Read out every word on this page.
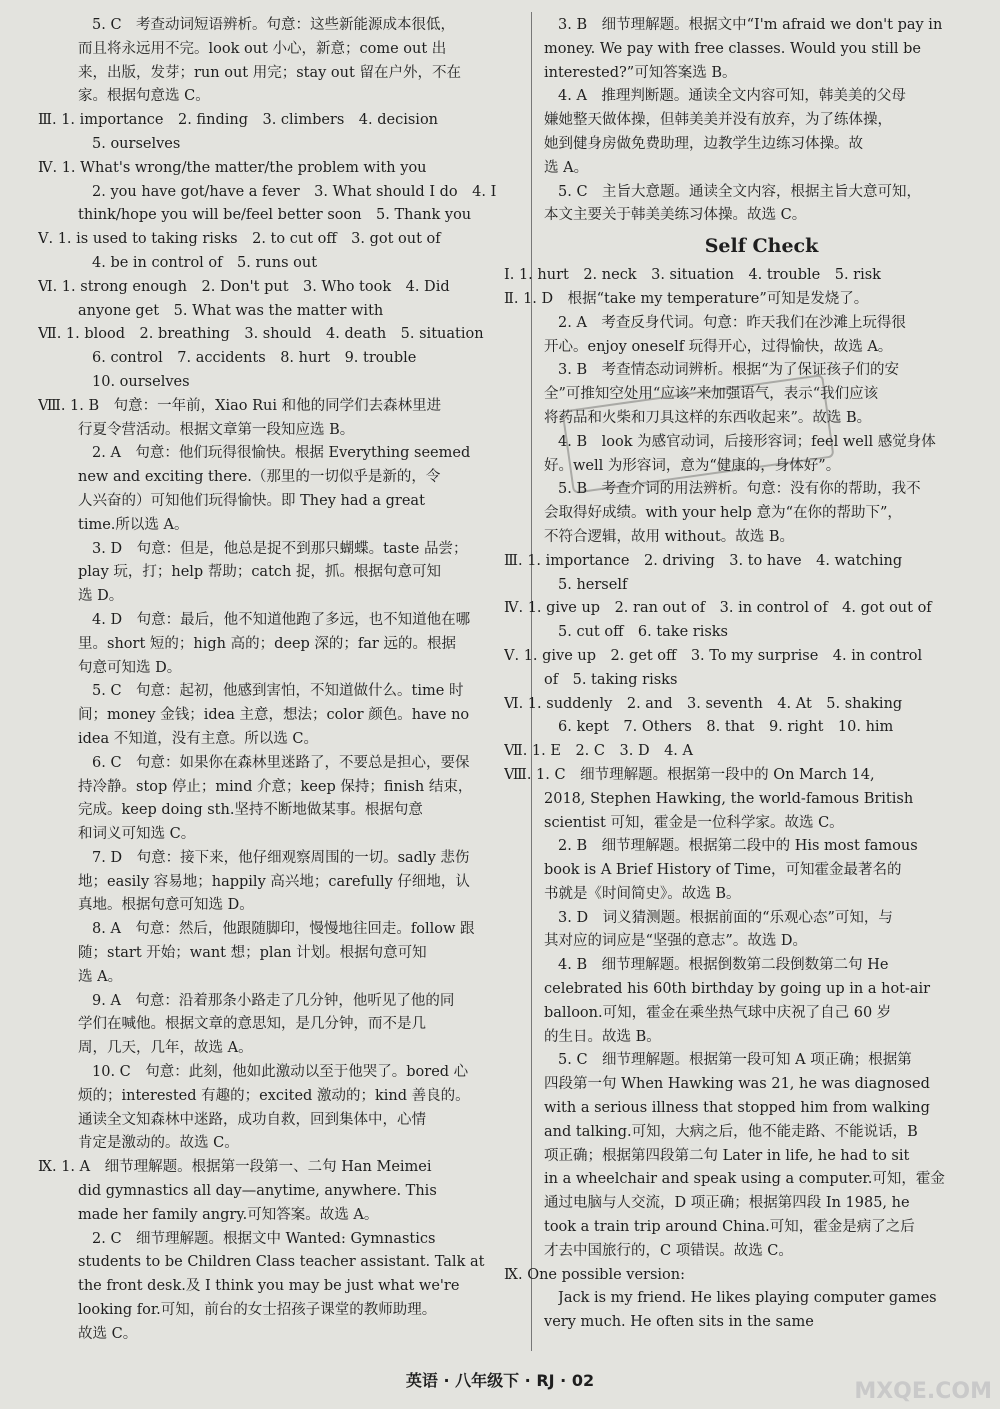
5. C　考查动词短语辨析。句意：这些新能源成本很低，
而且将永远用不完。look out 小心，新意；come out 出
来，出版，发芽；run out 用完；stay out 留在户外，不在
家。根据句意选 C。
Ⅲ. 1. importance　2. finding　3. climbers　4. decision
5. ourselves
Ⅳ. 1. What's wrong/the matter/the problem with you
2. you have got/have a fever　3. What should I do　4. I
think/hope you will be/feel better soon　5. Thank you
Ⅴ. 1. is used to taking risks　2. to cut off　3. got out of
4. be in control of　5. runs out
Ⅵ. 1. strong enough　2. Don't put　3. Who took　4. Did
anyone get　5. What was the matter with
Ⅶ. 1. blood　2. breathing　3. should　4. death　5. situation
6. control　7. accidents　8. hurt　9. trouble
10. ourselves
Ⅷ. 1. B　句意：一年前，Xiao Rui 和他的同学们去森林里进
行夏令营活动。根据文章第一段知应选 B。
2. A　句意：他们玩得很愉快。根据 Everything seemed
new and exciting there.（那里的一切似乎是新的，令
人兴奋的）可知他们玩得愉快。即 They had a great
time.所以选 A。
3. D　句意：但是，他总是捉不到那只蝴蝶。taste 品尝；
play 玩，打；help 帮助；catch 捉，抓。根据句意可知
选 D。
4. D　句意：最后，他不知道他跑了多远，也不知道他在哪
里。short 短的；high 高的；deep 深的；far 远的。根据
句意可知选 D。
5. C　句意：起初，他感到害怕，不知道做什么。time 时
间；money 金钱；idea 主意，想法；color 颜色。have no
idea 不知道，没有主意。所以选 C。
6. C　句意：如果你在森林里迷路了，不要总是担心，要保
持冷静。stop 停止；mind 介意；keep 保持；finish 结束，
完成。keep doing sth.坚持不断地做某事。根据句意
和词义可知选 C。
7. D　句意：接下来，他仔细观察周围的一切。sadly 悲伤
地；easily 容易地；happily 高兴地；carefully 仔细地，认
真地。根据句意可知选 D。
8. A　句意：然后，他跟随脚印，慢慢地往回走。follow 跟
随；start 开始；want 想；plan 计划。根据句意可知
选 A。
9. A　句意：沿着那条小路走了几分钟，他听见了他的同
学们在喊他。根据文章的意思知，是几分钟，而不是几
周，几天，几年，故选 A。
10. C　句意：此刻，他如此激动以至于他哭了。bored 心
烦的；interested 有趣的；excited 激动的；kind 善良的。
通读全文知森林中迷路，成功自救，回到集体中，心情
肯定是激动的。故选 C。
Ⅸ. 1. A　细节理解题。根据第一段第一、二句 Han Meimei
did gymnastics all day—anytime, anywhere. This
made her family angry.可知答案。故选 A。
2. C　细节理解题。根据文中 Wanted: Gymnastics
students to be Children Class teacher assistant. Talk at
the front desk.及 I think you may be just what we're
looking for.可知，前台的女士招孩子课堂的教师助理。
故选 C。
3. B　细节理解题。根据文中“I'm afraid we don't pay in
money. We pay with free classes. Would you still be
interested?”可知答案选 B。
4. A　推理判断题。通读全文内容可知，韩美美的父母
嫌她整天做体操，但韩美美并没有放弃，为了练体操，
她到健身房做免费助理，边教学生边练习体操。故
选 A。
5. C　主旨大意题。通读全文内容，根据主旨大意可知，
本文主要关于韩美美练习体操。故选 C。
Self Check
Ⅰ. 1. hurt　2. neck　3. situation　4. trouble　5. risk
Ⅱ. 1. D　根据“take my temperature”可知是发烧了。
2. A　考查反身代词。句意：昨天我们在沙滩上玩得很
开心。enjoy oneself 玩得开心，过得愉快，故选 A。
3. B　考查情态动词辨析。根据“为了保证孩子们的安
全”可推知空处用“应该”来加强语气，表示“我们应该
将药品和火柴和刀具这样的东西收起来”。故选 B。
4. B　look 为感官动词，后接形容词；feel well 感觉身体
好。well 为形容词，意为“健康的，身体好”。
5. B　考查介词的用法辨析。句意：没有你的帮助，我不
会取得好成绩。with your help 意为“在你的帮助下”，
不符合逻辑，故用 without。故选 B。
Ⅲ. 1. importance　2. driving　3. to have　4. watching
5. herself
Ⅳ. 1. give up　2. ran out of　3. in control of　4. got out of
5. cut off　6. take risks
Ⅴ. 1. give up　2. get off　3. To my surprise　4. in control
of　5. taking risks
Ⅵ. 1. suddenly　2. and　3. seventh　4. At　5. shaking
6. kept　7. Others　8. that　9. right　10. him
Ⅶ. 1. E　2. C　3. D　4. A
Ⅷ. 1. C　细节理解题。根据第一段中的 On March 14,
2018, Stephen Hawking, the world-famous British
scientist 可知，霍金是一位科学家。故选 C。
2. B　细节理解题。根据第二段中的 His most famous
book is A Brief History of Time，可知霍金最著名的
书就是《时间简史》。故选 B。
3. D　词义猜测题。根据前面的“乐观心态”可知，与
其对应的词应是“坚强的意志”。故选 D。
4. B　细节理解题。根据倒数第二段倒数第二句 He
celebrated his 60th birthday by going up in a hot-air
balloon.可知，霍金在乘坐热气球中庆祝了自己 60 岁
的生日。故选 B。
5. C　细节理解题。根据第一段可知 A 项正确；根据第
四段第一句 When Hawking was 21, he was diagnosed
with a serious illness that stopped him from walking
and talking.可知，大病之后，他不能走路、不能说话，B
项正确；根据第四段第二句 Later in life, he had to sit
in a wheelchair and speak using a computer.可知，霍金
通过电脑与人交流，D 项正确；根据第四段 In 1985, he
took a train trip around China.可知，霍金是病了之后
才去中国旅行的，C 项错误。故选 C。
Ⅸ. One possible version:
Jack is my friend. He likes playing computer games
very much. He often sits in the same
英语 · 八年级下 · RJ · 02	MXQE.COM
